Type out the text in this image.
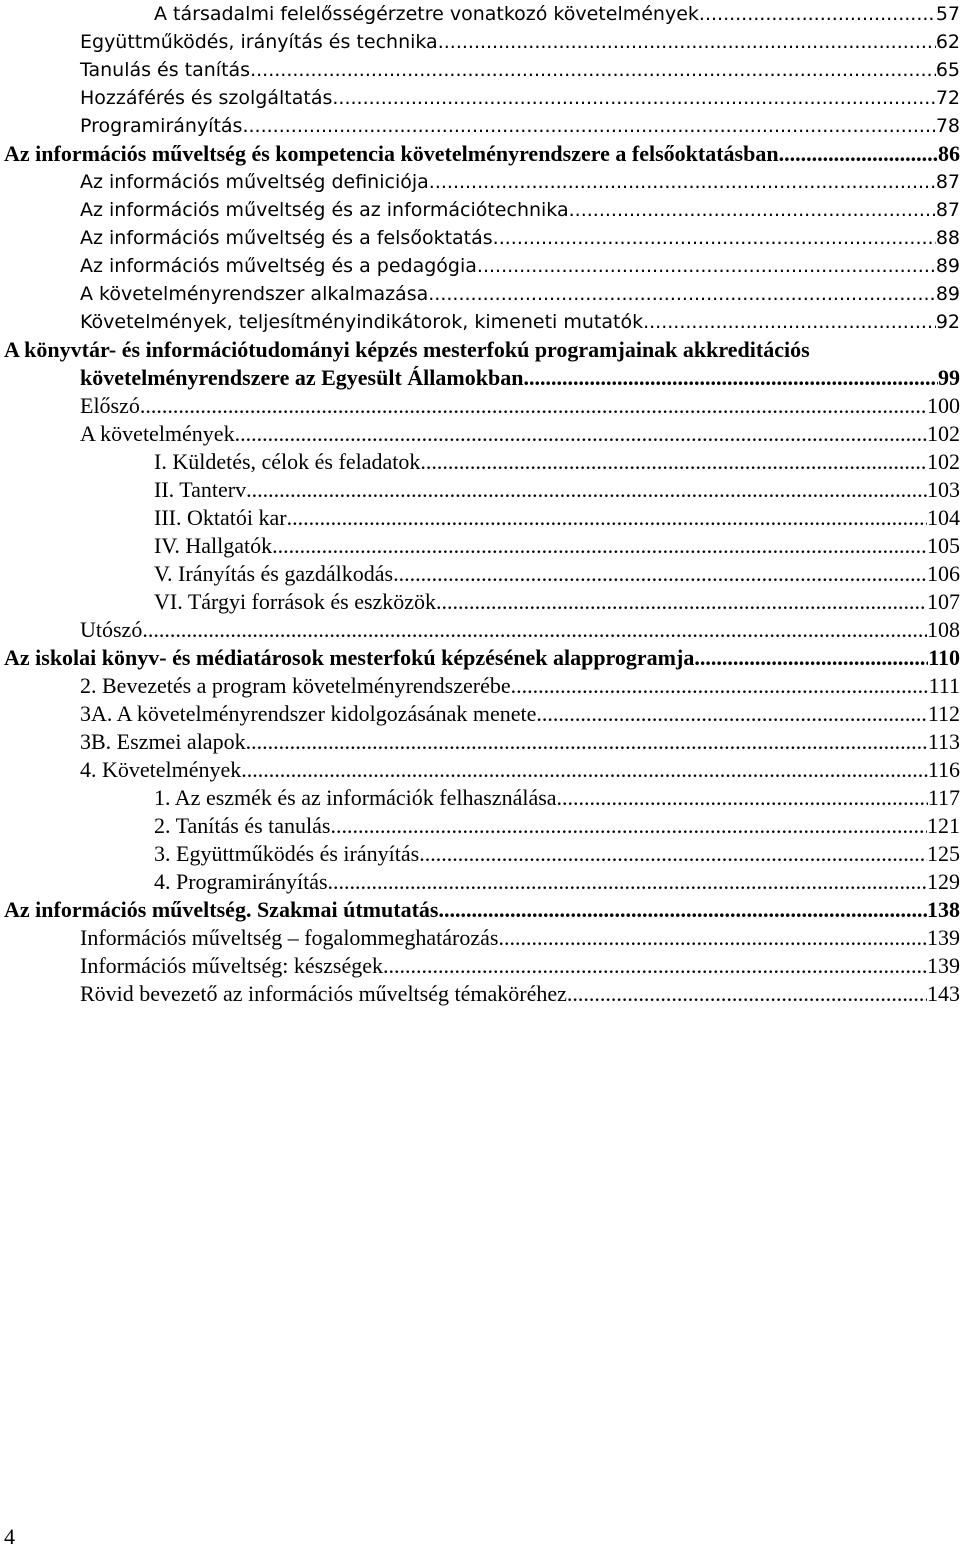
A társadalmi felelősségérzetre vonatkozó követelmények .....	57
Együttműködés, irányítás és technika .....	62
Tanulás és tanítás .....	65
Hozzáférés és szolgáltatás .....	72
Programirányítás .....	78
Az információs műveltség és kompetencia követelményrendszere a felsőoktatásban .....	86
Az információs műveltség definiciója .....	87
Az információs műveltség és az információtechnika .....	87
Az információs műveltség és a felsőoktatás .....	88
Az információs műveltség és a pedagógia .....	89
A követelményrendszer alkalmazása .....	89
Követelmények, teljesítményindikátorok, kimeneti mutatók .....	92
A könyvtár- és információtudományi képzés mesterfokú programjainak akkreditációs
követelményrendszere az Egyesült Államokban .....	99
Előszó .....	100
A követelmények .....	102
I. Küldetés, célok és feladatok .....	102
II. Tanterv .....	103
III. Oktatói kar .....	104
IV. Hallgatók .....	105
V. Irányítás és gazdálkodás .....	106
VI. Tárgyi források és eszközök .....	107
Utószó .....	108
Az iskolai könyv- és médiatárosok mesterfokú képzésének alapprogramja .....	110
2. Bevezetés a program követelményrendszerébe .....	111
3A. A követelményrendszer kidolgozásának menete .....	112
3B. Eszmei alapok .....	113
4. Követelmények .....	116
1. Az eszmék és az információk felhasználása .....	117
2. Tanítás és tanulás .....	121
3. Együttműködés és irányítás .....	125
4. Programirányítás .....	129
Az információs műveltség. Szakmai útmutatás .....	138
Információs műveltség – fogalommeghatározás .....	139
Információs műveltség: készségek .....	139
Rövid bevezető az információs műveltség témaköréhez .....	143
4
